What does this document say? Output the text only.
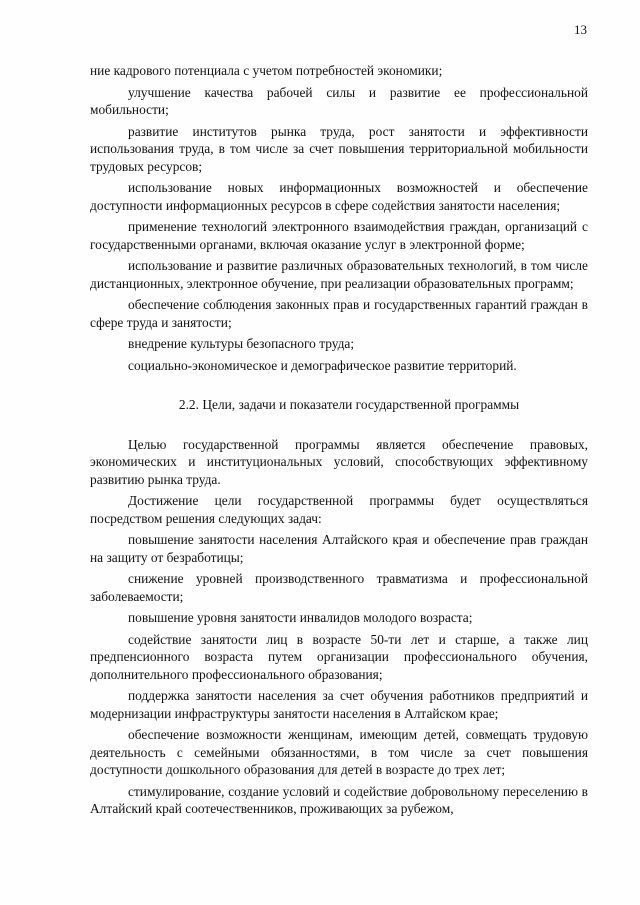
13

ние кадрового потенциала с учетом потребностей экономики;

улучшение качества рабочей силы и развитие ее профессиональной мобильности;

развитие институтов рынка труда, рост занятости и эффективности использования труда, в том числе за счет повышения территориальной мобильности трудовых ресурсов;

использование новых информационных возможностей и обеспечение доступности информационных ресурсов в сфере содействия занятости населения;

применение технологий электронного взаимодействия граждан, организаций с государственными органами, включая оказание услуг в электронной форме;

использование и развитие различных образовательных технологий, в том числе дистанционных, электронное обучение, при реализации образовательных программ;

обеспечение соблюдения законных прав и государственных гарантий граждан в сфере труда и занятости;

внедрение культуры безопасного труда;

социально-экономическое и демографическое развитие территорий.

2.2. Цели, задачи и показатели государственной программы

Целью государственной программы является обеспечение правовых, экономических и институциональных условий, способствующих эффективному развитию рынка труда.

Достижение цели государственной программы будет осуществляться посредством решения следующих задач:

повышение занятости населения Алтайского края и обеспечение прав граждан на защиту от безработицы;

снижение уровней производственного травматизма и профессиональной заболеваемости;

повышение уровня занятости инвалидов молодого возраста;

содействие занятости лиц в возрасте 50-ти лет и старше, а также лиц предпенсионного возраста путем организации профессионального обучения, дополнительного профессионального образования;

поддержка занятости населения за счет обучения работников предприятий и модернизации инфраструктуры занятости населения в Алтайском крае;

обеспечение возможности женщинам, имеющим детей, совмещать трудовую деятельность с семейными обязанностями, в том числе за счет повышения доступности дошкольного образования для детей в возрасте до трех лет;

стимулирование, создание условий и содействие добровольному переселению в Алтайский край соотечественников, проживающих за рубежом,
